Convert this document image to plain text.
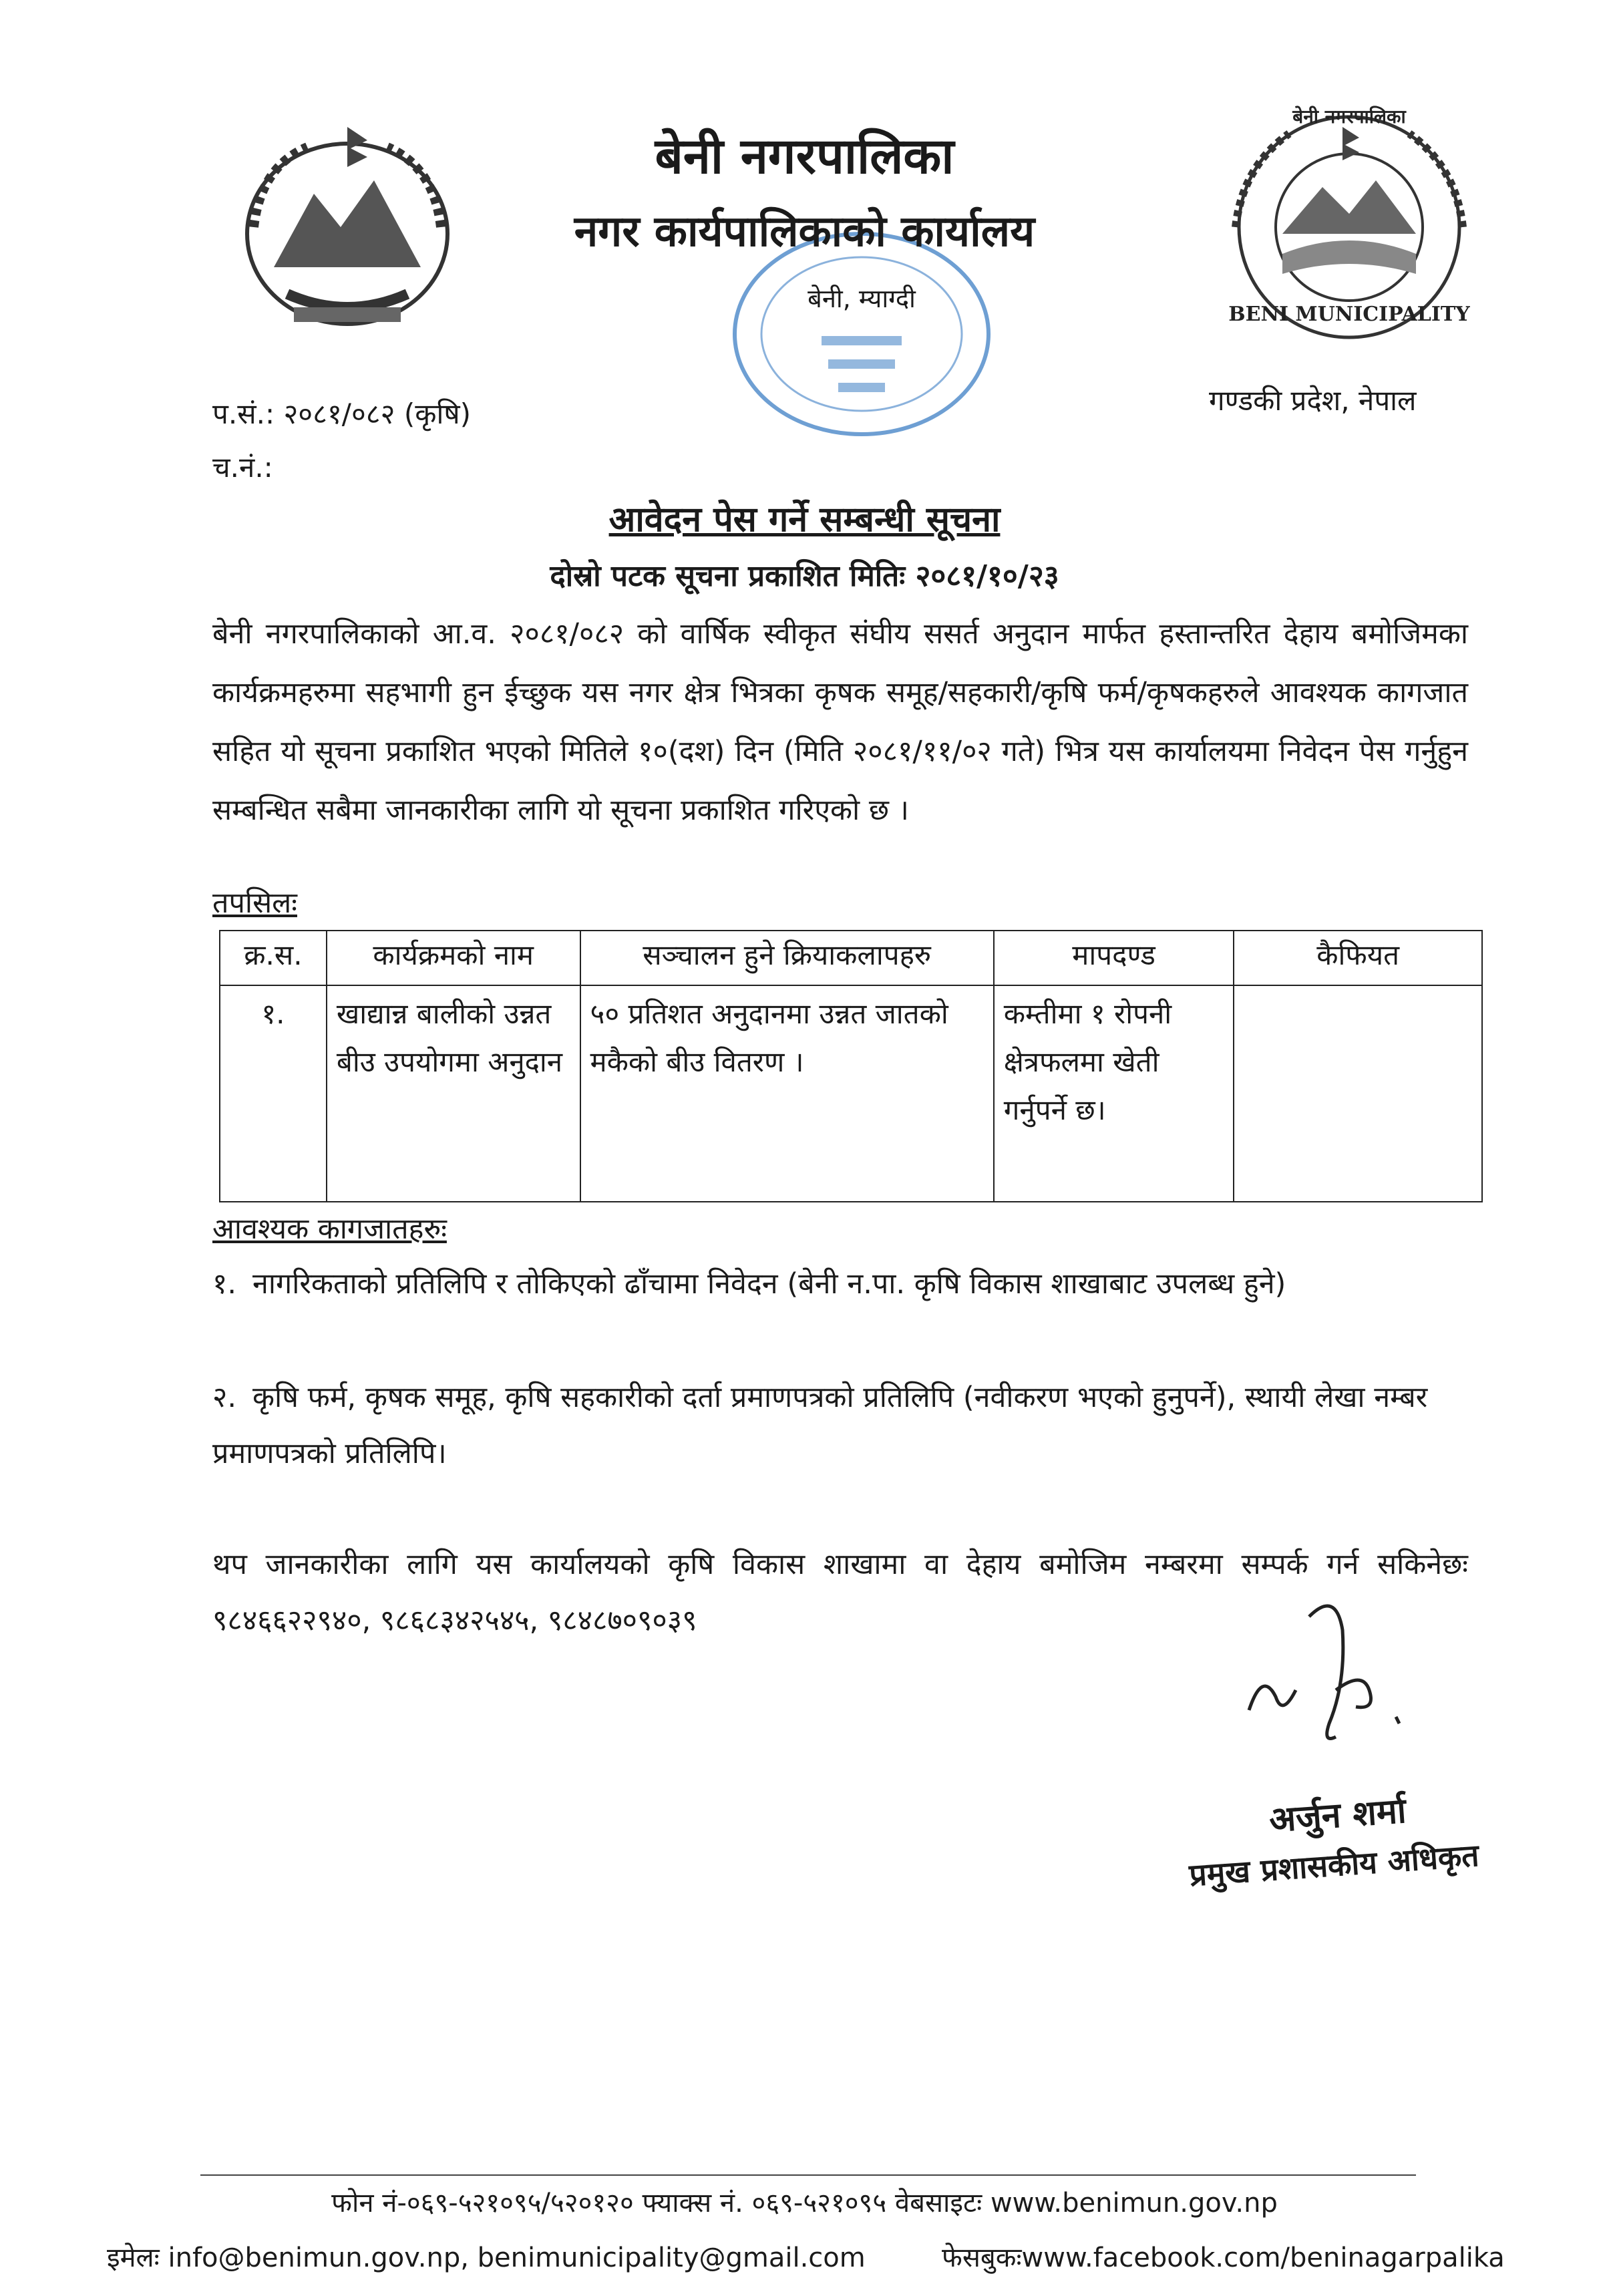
BENI MUNICIPALITY
बेनी नगरपालिका
बेनी नगरपालिका
नगर कार्यपालिकाको कार्यालय
बेनी, म्याग्दी
प.सं.: २०८१/०८२ (कृषि)
च.नं.:
गण्डकी प्रदेश, नेपाल
आवेदन पेस गर्ने सम्बन्धी सूचना
दोस्रो पटक सूचना प्रकाशित मितिः २०८१/१०/२३
बेनी नगरपालिकाको आ.व. २०८१/०८२ को वार्षिक स्वीकृत संघीय ससर्त अनुदान मार्फत हस्तान्तरित देहाय बमोजिमका कार्यक्रमहरुमा सहभागी हुन ईच्छुक यस नगर क्षेत्र भित्रका कृषक समूह/सहकारी/कृषि फर्म/कृषकहरुले आवश्यक कागजात सहित यो सूचना प्रकाशित भएको मितिले १०(दश) दिन (मिति २०८१/११/०२ गते) भित्र यस कार्यालयमा निवेदन पेस गर्नुहुन सम्बन्धित सबैमा जानकारीका लागि यो सूचना प्रकाशित गरिएको छ ।
तपसिलः
क्र.स.	कार्यक्रमको नाम	सञ्चालन हुने क्रियाकलापहरु	मापदण्ड	कैफियत
१.	खाद्यान्न बालीको उन्नत बीउ उपयोगमा अनुदान	५० प्रतिशत अनुदानमा उन्नत जातको मकैको बीउ वितरण ।	कम्तीमा १ रोपनी क्षेत्रफलमा खेती गर्नुपर्ने छ।	
आवश्यक कागजातहरुः
१. नागरिकताको प्रतिलिपि र तोकिएको ढाँचामा निवेदन (बेनी न.पा. कृषि विकास शाखाबाट उपलब्ध हुने)
२. कृषि फर्म, कृषक समूह, कृषि सहकारीको दर्ता प्रमाणपत्रको प्रतिलिपि (नवीकरण भएको हुनुपर्ने), स्थायी लेखा नम्बर प्रमाणपत्रको प्रतिलिपि।
थप जानकारीका लागि यस कार्यालयको कृषि विकास शाखामा वा देहाय बमोजिम नम्बरमा सम्पर्क गर्न सकिनेछः ९८४६६२२९४०, ९८६८३४२५४५, ९८४८७०९०३९
अर्जुन शर्मा
प्रमुख प्रशासकीय अधिकृत
फोन नं-०६९-५२१०९५/५२०१२० फ्याक्स नं. ०६९-५२१०९५ वेबसाइटः www.benimun.gov.np
इमेलः info@benimun.gov.np, benimunicipality@gmail.com	फेसबुकःwww.facebook.com/beninagarpalika
